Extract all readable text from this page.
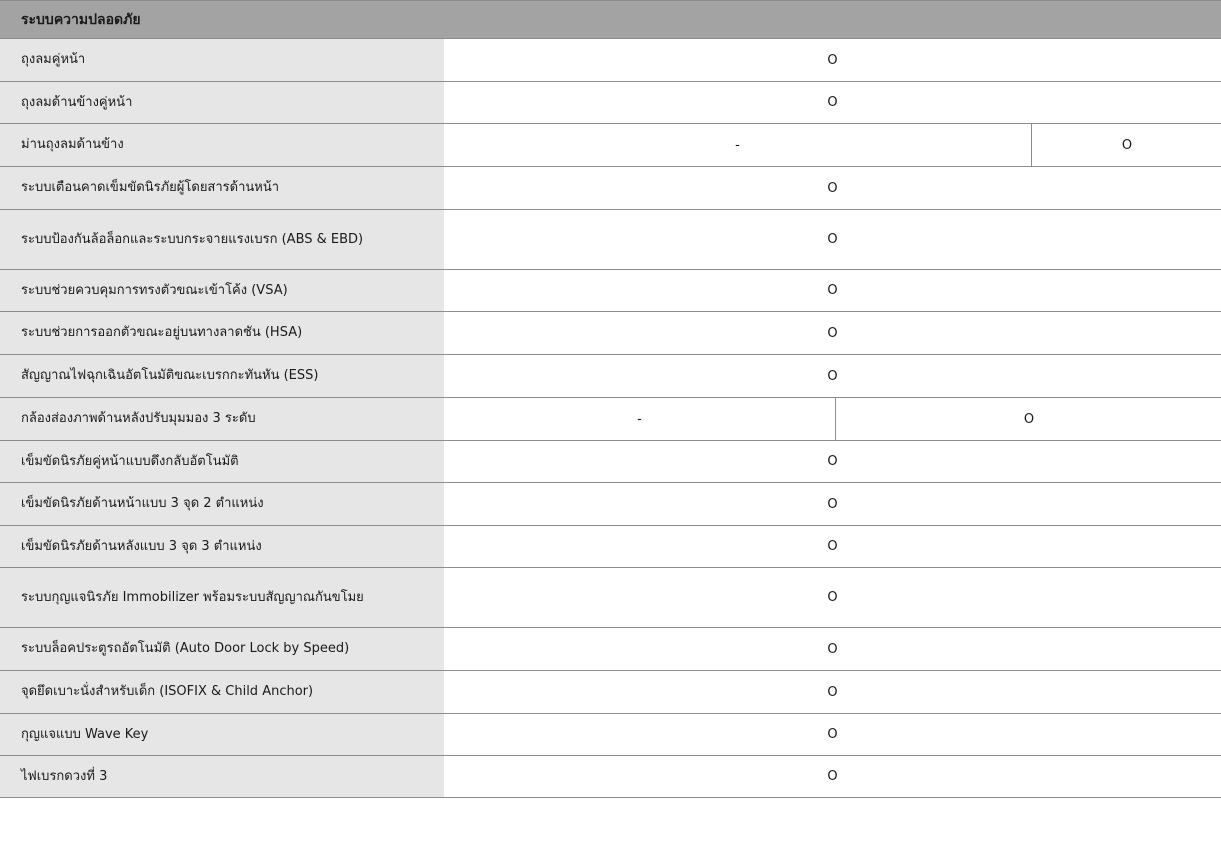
ระบบความปลอดภัย
ถุงลมคู่หน้า	O
ถุงลมด้านข้างคู่หน้า	O
ม่านถุงลมด้านข้าง	-	O
ระบบเตือนคาดเข็มขัดนิรภัยผู้โดยสารด้านหน้า	O
ระบบป้องกันล้อล็อกและระบบกระจายแรงเบรก (ABS & EBD)	O
ระบบช่วยควบคุมการทรงตัวขณะเข้าโค้ง (VSA)	O
ระบบช่วยการออกตัวขณะอยู่บนทางลาดชัน (HSA)	O
สัญญาณไฟฉุกเฉินอัตโนมัติขณะเบรกกะทันหัน (ESS)	O
กล้องส่องภาพด้านหลังปรับมุมมอง 3 ระดับ	-	O
เข็มขัดนิรภัยคู่หน้าแบบดึงกลับอัตโนมัติ	O
เข็มขัดนิรภัยด้านหน้าแบบ 3 จุด 2 ตำแหน่ง	O
เข็มขัดนิรภัยด้านหลังแบบ 3 จุด 3 ตำแหน่ง	O
ระบบกุญแจนิรภัย Immobilizer พร้อมระบบสัญญาณกันขโมย	O
ระบบล็อคประตูรถอัตโนมัติ (Auto Door Lock by Speed)	O
จุดยึดเบาะนั่งสำหรับเด็ก (ISOFIX & Child Anchor)	O
กุญแจแบบ Wave Key	O
ไฟเบรกดวงที่ 3	O
